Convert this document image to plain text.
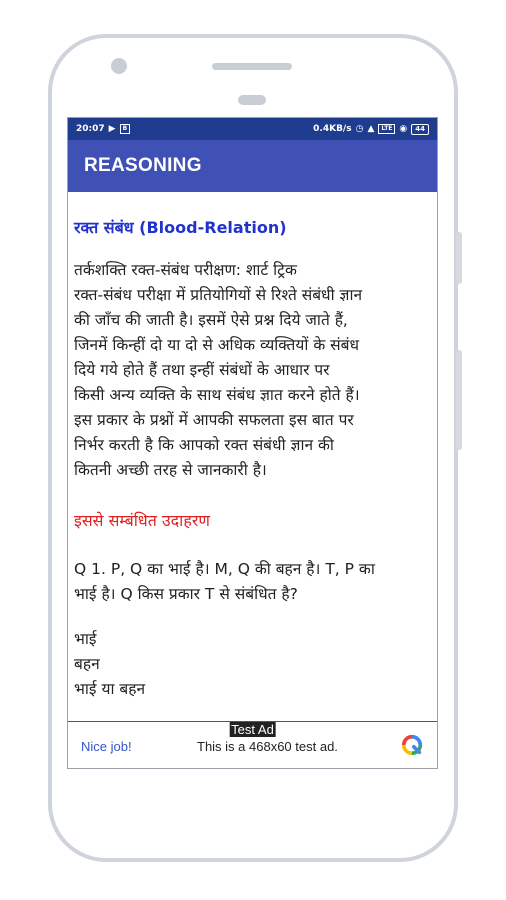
20:07 ▶	B	0.4KB/s ◷ ▲	LTE ◉	44
REASONING
रक्त संबंध (Blood-Relation)
तर्कशक्ति रक्त-संबंध परीक्षण: शार्ट ट्रिक
रक्त-संबंध परीक्षा में प्रतियोगियों से रिश्ते संबंधी ज्ञान
की जाँच की जाती है। इसमें ऐसे प्रश्न दिये जाते हैं,
जिनमें किन्हीं दो या दो से अधिक व्यक्तियों के संबंध
दिये गये होते हैं तथा इन्हीं संबंधों के आधार पर
किसी अन्य व्यक्ति के साथ संबंध ज्ञात करने होते हैं।
इस प्रकार के प्रश्नों में आपकी सफलता इस बात पर
निर्भर करती है कि आपको रक्त संबंधी ज्ञान की
कितनी अच्छी तरह से जानकारी है।
इससे सम्बंधित उदाहरण
Q 1. P, Q का भाई है। M, Q की बहन है। T, P का
भाई है। Q किस प्रकार T से संबंधित है?
भाई
बहन
भाई या बहन
Test Ad
Nice job!	This is a 468x60 test ad.
